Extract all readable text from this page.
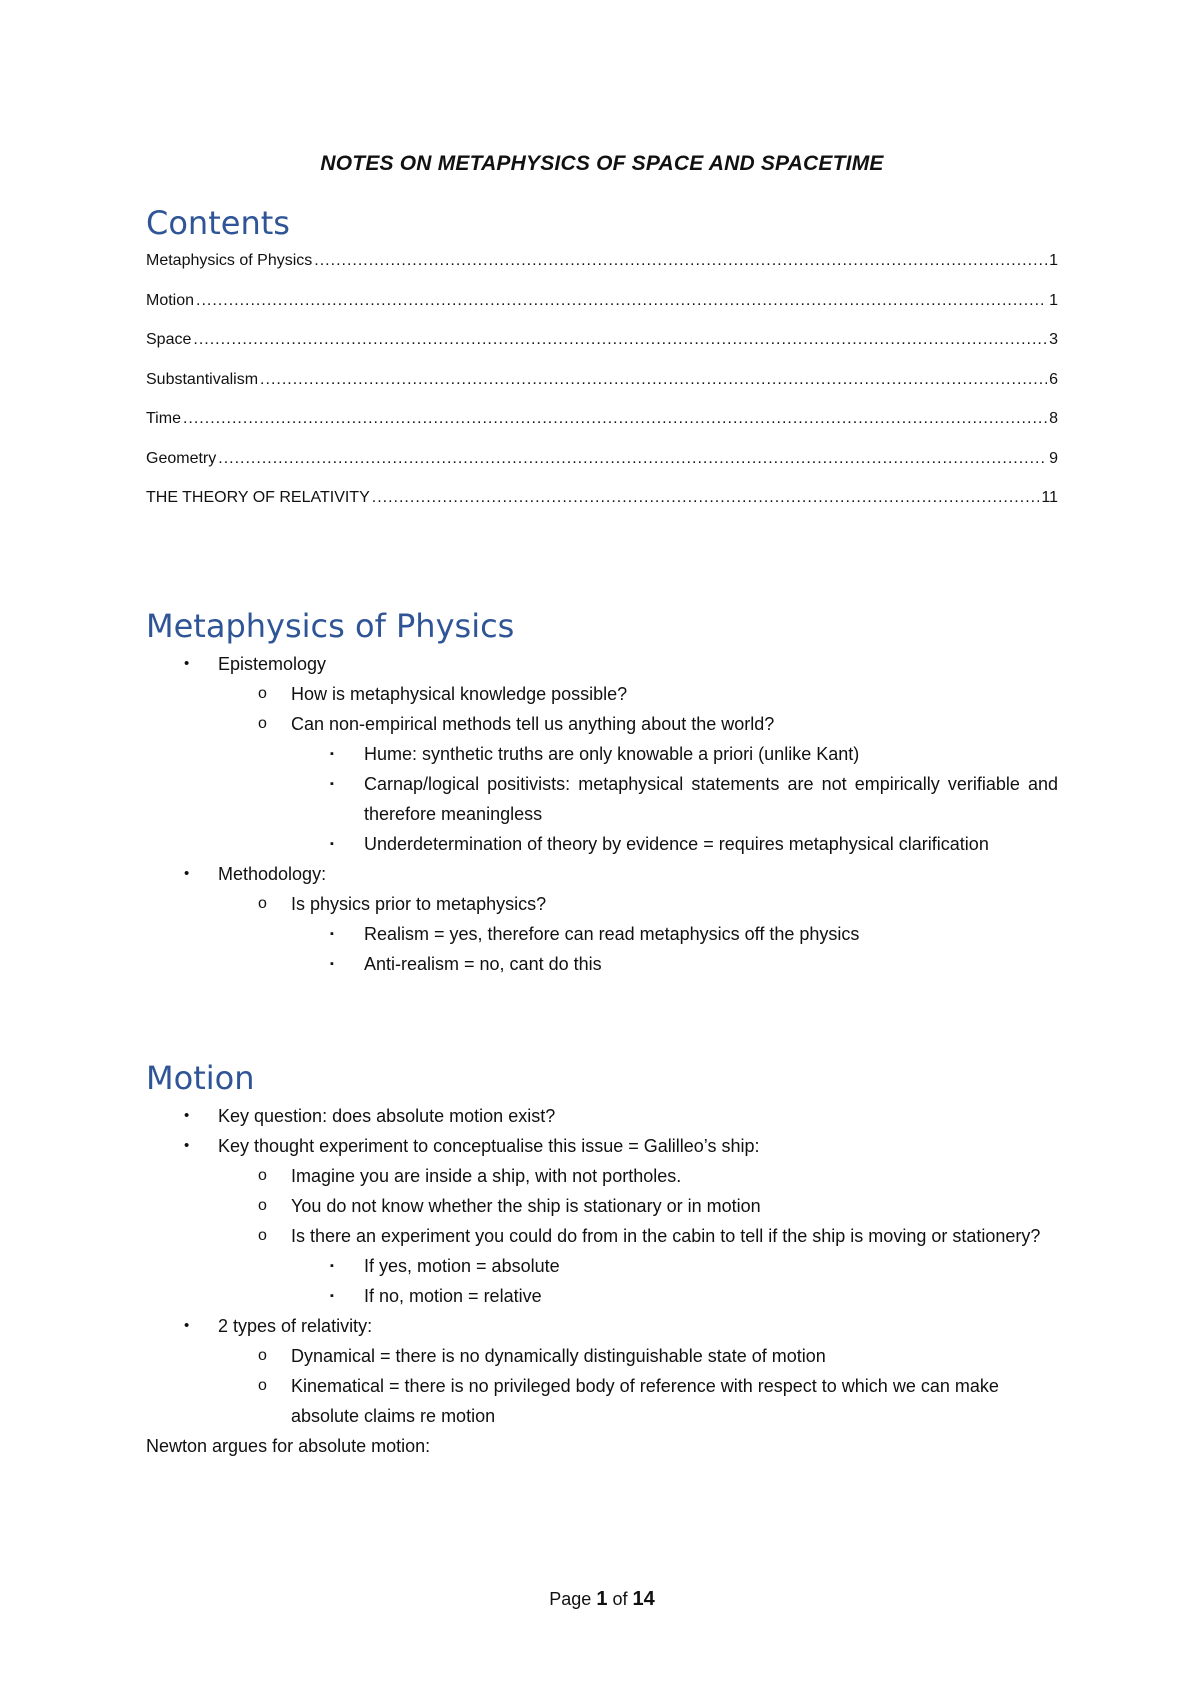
NOTES ON METAPHYSICS OF SPACE AND SPACETIME
Contents
Metaphysics of Physics .....	1
Motion .....	1
Space .....	3
Substantivalism .....	6
Time .....	8
Geometry .....	9
THE THEORY OF RELATIVITY .....	11
Metaphysics of Physics
• Epistemology
o How is metaphysical knowledge possible?
o Can non-empirical methods tell us anything about the world?
▪ Hume: synthetic truths are only knowable a priori (unlike Kant)
▪ Carnap/logical positivists: metaphysical statements are not empirically verifiable and therefore meaningless
▪ Underdetermination of theory by evidence = requires metaphysical clarification
• Methodology:
o Is physics prior to metaphysics?
▪ Realism = yes, therefore can read metaphysics off the physics
▪ Anti-realism = no, cant do this
Motion
• Key question: does absolute motion exist?
• Key thought experiment to conceptualise this issue = Galilleo’s ship:
o Imagine you are inside a ship, with not portholes.
o You do not know whether the ship is stationary or in motion
o Is there an experiment you could do from in the cabin to tell if the ship is moving or stationery?
▪ If yes, motion = absolute
▪ If no, motion = relative
• 2 types of relativity:
o Dynamical = there is no dynamically distinguishable state of motion
o Kinematical = there is no privileged body of reference with respect to which we can make absolute claims re motion
Newton argues for absolute motion:
Page 1 of 14
